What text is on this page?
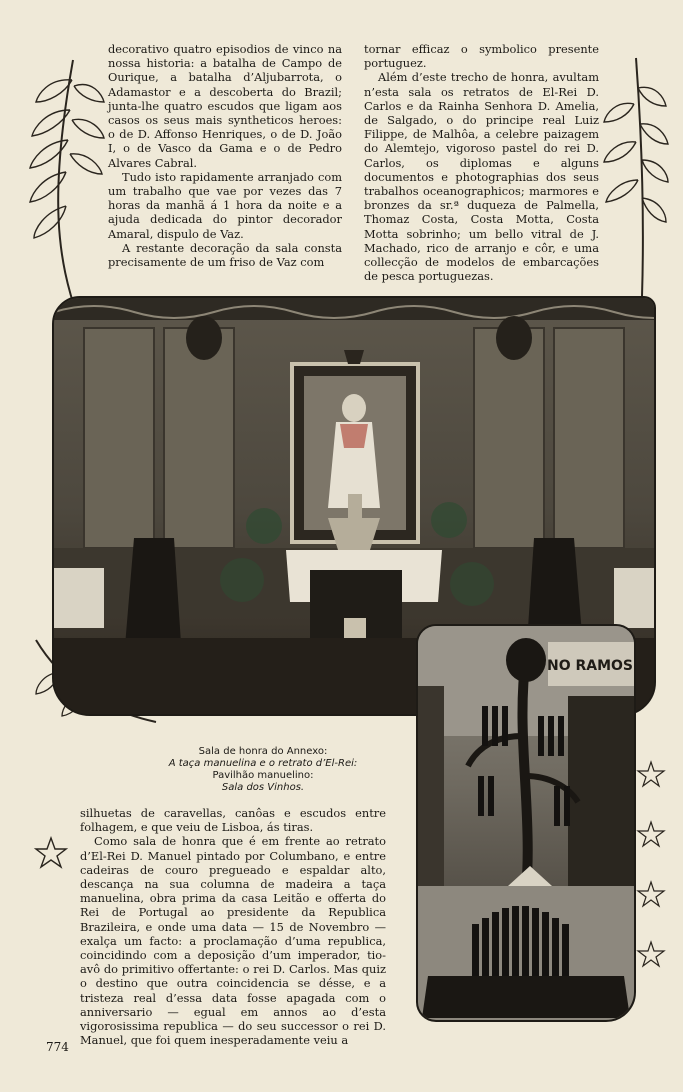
decorativo quatro episodios de vinco na nossa historia: a batalha de Campo de Ourique, a batalha d’Aljubarrota, o Adamastor e a descoberta do Brazil; junta-lhe quatro escudos que ligam aos casos os seus mais syntheticos heroes: o de D. Affonso Henriques, o de D. João I, o de Vasco da Gama e o de Pedro Alvares Cabral.

Tudo isto rapidamente arranjado com um trabalho que vae por vezes das 7 horas da manhã á 1 hora da noite e a ajuda dedicada do pintor decorador Amaral, dispulo de Vaz.

A restante decoração da sala consta precisamente de um friso de Vaz com

tornar efficaz o symbolico presente portuguez.

Além d’este trecho de honra, avultam n’esta sala os retratos de El-Rei D. Carlos e da Rainha Senhora D. Amelia, de Salgado, o do principe real Luiz Filippe, de Malhôa, a celebre paizagem do Alemtejo, vigoroso pastel do rei D. Carlos, os diplomas e alguns documentos e photographias dos seus trabalhos oceanographicos; marmores e bronzes da sr.ª duqueza de Palmella, Thomaz Costa, Costa Motta, Costa Motta sobrinho; um bello vitral de J. Machado, rico de arranjo e côr, e uma collecção de modelos de embarcações de pesca portuguezas.

Sala de honra do Annexo:
A taça manuelina e o retrato d’El-Rei:
Pavilhão manuelino:
Sala dos Vinhos.
NO RAMOS

silhuetas de caravellas, canôas e escudos entre folhagem, e que veiu de Lisboa, ás tiras.

Como sala de honra que é em frente ao retrato d’El-Rei D. Manuel pintado por Columbano, e entre cadeiras de couro pregueado e espaldar alto, descança na sua columna de madeira a taça manuelina, obra prima da casa Leitão e offerta do Rei de Portugal ao presidente da Republica Brazileira, e onde uma data — 15 de Novembro — exalça um facto: a proclamação d’uma republica, coincidindo com a deposição d’um imperador, tio-avô do primitivo offertante: o rei D. Carlos. Mas quiz o destino que outra coincidencia se désse, e a tristeza real d’essa data fosse apagada com o anniversario — egual em annos ao d’esta vigorosissima republica — do seu successor o rei D. Manuel, que foi quem inesperadamente veiu a

774
